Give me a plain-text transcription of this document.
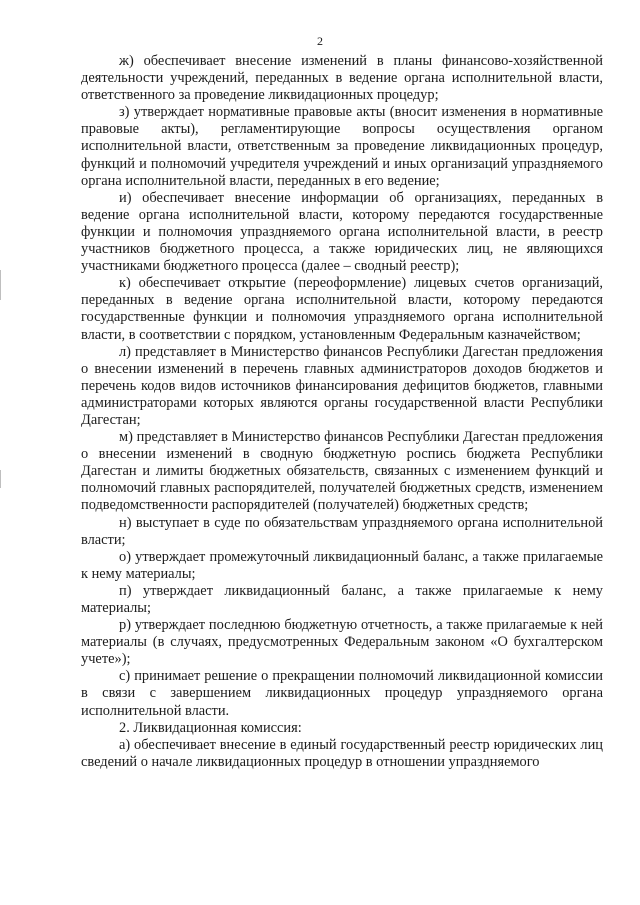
2

ж) обеспечивает внесение изменений в планы финансово-хозяйственной деятельности учреждений, переданных в ведение органа исполнительной власти, ответственного за проведение ликвидационных процедур;

з) утверждает нормативные правовые акты (вносит изменения в нормативные правовые акты), регламентирующие вопросы осуществления органом исполнительной власти, ответственным за проведение ликвидационных процедур, функций и полномочий учредителя учреждений и иных организаций упраздняемого органа исполнительной власти, переданных в его ведение;

и) обеспечивает внесение информации об организациях, переданных в ведение органа исполнительной власти, которому передаются государственные функции и полномочия упраздняемого органа исполнительной власти, в реестр участников бюджетного процесса, а также юридических лиц, не являющихся участниками бюджетного процесса (далее – сводный реестр);

к) обеспечивает открытие (переоформление) лицевых счетов организаций, переданных в ведение органа исполнительной власти, которому передаются государственные функции и полномочия упраздняемого органа исполнительной власти, в соответствии с порядком, установленным Федеральным казначейством;

л) представляет в Министерство финансов Республики Дагестан предложения о внесении изменений в перечень главных администраторов доходов бюджетов и перечень кодов видов источников финансирования дефицитов бюджетов, главными администраторами которых являются органы государственной власти Республики Дагестан;

м) представляет в Министерство финансов Республики Дагестан предложения о внесении изменений в сводную бюджетную роспись бюджета Республики Дагестан и лимиты бюджетных обязательств, связанных с изменением функций и полномочий главных распорядителей, получателей бюджетных средств, изменением подведомственности распорядителей (получателей) бюджетных средств;

н) выступает в суде по обязательствам упраздняемого органа исполнительной власти;

о) утверждает промежуточный ликвидационный баланс, а также прилагаемые к нему материалы;

п) утверждает ликвидационный баланс, а также прилагаемые к нему материалы;

р) утверждает последнюю бюджетную отчетность, а также прилагаемые к ней материалы (в случаях, предусмотренных Федеральным законом «О бухгалтерском учете»);

с) принимает решение о прекращении полномочий ликвидационной комиссии в связи с завершением ликвидационных процедур упраздняемого органа исполнительной власти.

2. Ликвидационная комиссия:

а) обеспечивает внесение в единый государственный реестр юридических лиц сведений о начале ликвидационных процедур в отношении упраздняемого
